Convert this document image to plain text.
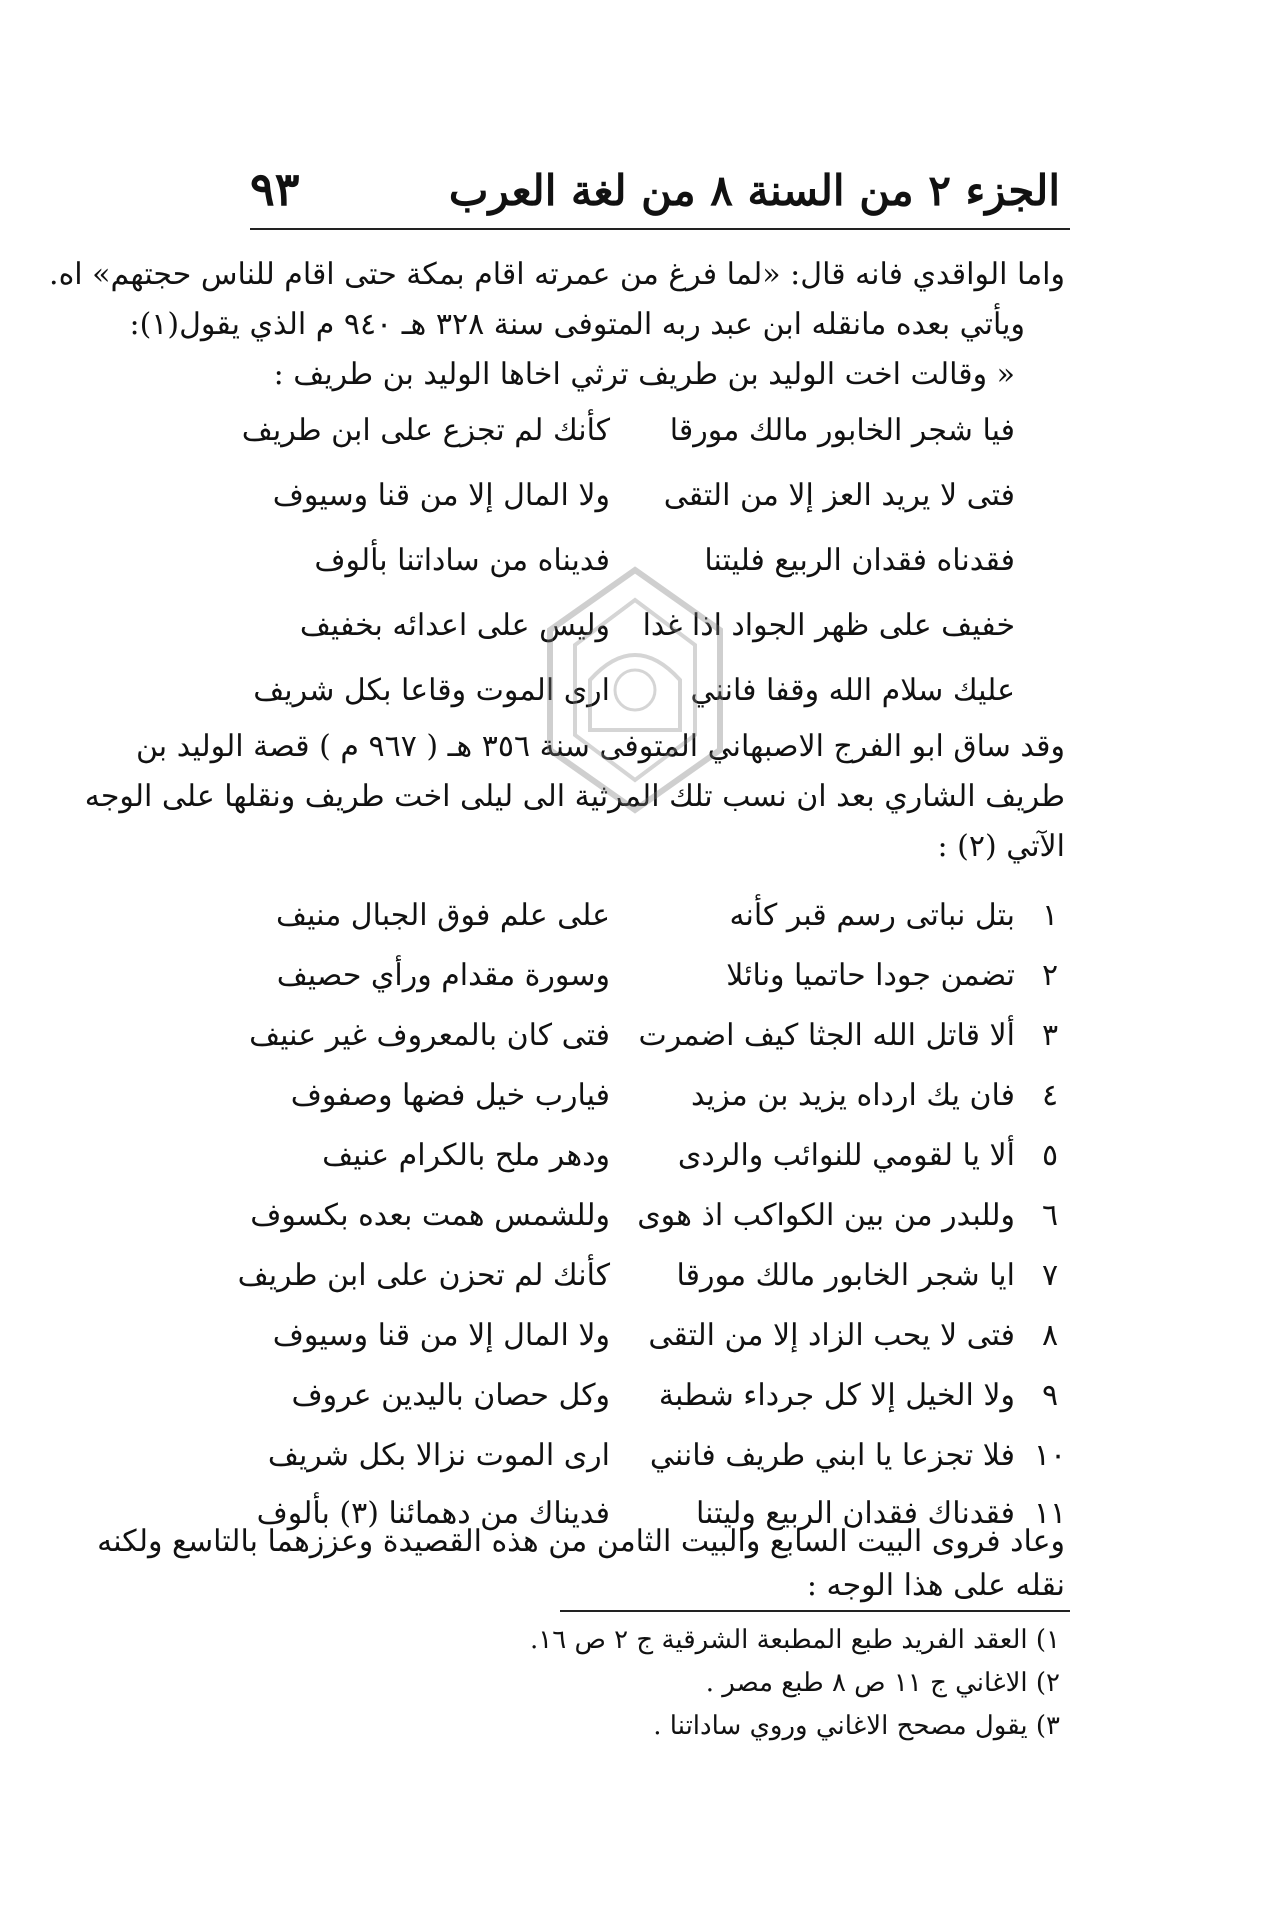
الجزء ٢ من السنة ٨ من لغة العرب
٩٣
واما الواقدي فانه قال: «لما فرغ من عمرته اقام بمكة حتى اقام للناس حجتهم» اه.
ويأتي بعده مانقله ابن عبد ربه المتوفى سنة ٣٢٨ هـ ٩٤٠ م الذي يقول(١):
« وقالت اخت الوليد بن طريف ترثي اخاها الوليد بن طريف :
فيا شجر الخابور مالك مورقا
كأنك لم تجزع على ابن طريف
فتى لا يريد العز إلا من التقى
ولا المال إلا من قنا وسيوف
فقدناه فقدان الربيع فليتنا
فديناه من ساداتنا بألوف
خفيف على ظهر الجواد اذا غدا
وليس على اعدائه بخفيف
عليك سلام الله وقفا فانني
ارى الموت وقاعا بكل شريف
وقد ساق ابو الفرج الاصبهاني المتوفى سنة ٣٥٦ هـ ( ٩٦٧ م ) قصة الوليد بن
طريف الشاري بعد ان نسب تلك المرثية الى ليلى اخت طريف ونقلها على الوجه
الآتي (٢) :
١
بتل نباتى رسم قبر كأنه
على علم فوق الجبال منيف
٢
تضمن جودا حاتميا ونائلا
وسورة مقدام ورأي حصيف
٣
ألا قاتل الله الجثا كيف اضمرت
فتى كان بالمعروف غير عنيف
٤
فان يك ارداه يزيد بن مزيد
فيارب خيل فضها وصفوف
٥
ألا يا لقومي للنوائب والردى
ودهر ملح بالكرام عنيف
٦
وللبدر من بين الكواكب اذ هوى
وللشمس همت بعده بكسوف
٧
ايا شجر الخابور مالك مورقا
كأنك لم تحزن على ابن طريف
٨
فتى لا يحب الزاد إلا من التقى
ولا المال إلا من قنا وسيوف
٩
ولا الخيل إلا كل جرداء شطبة
وكل حصان باليدين عروف
١٠
فلا تجزعا يا ابني طريف فانني
ارى الموت نزالا بكل شريف
١١
فقدناك فقدان الربيع وليتنا
فديناك من دهمائنا (٣) بألوف
وعاد فروى البيت السابع والبيت الثامن من هذه القصيدة وعززهما بالتاسع ولكنه
نقله على هذا الوجه :
١) العقد الفريد طبع المطبعة الشرقية ج ٢ ص ١٦.
٢) الاغاني ج ١١ ص ٨ طبع مصر .
٣) يقول مصحح الاغاني وروي ساداتنا .
